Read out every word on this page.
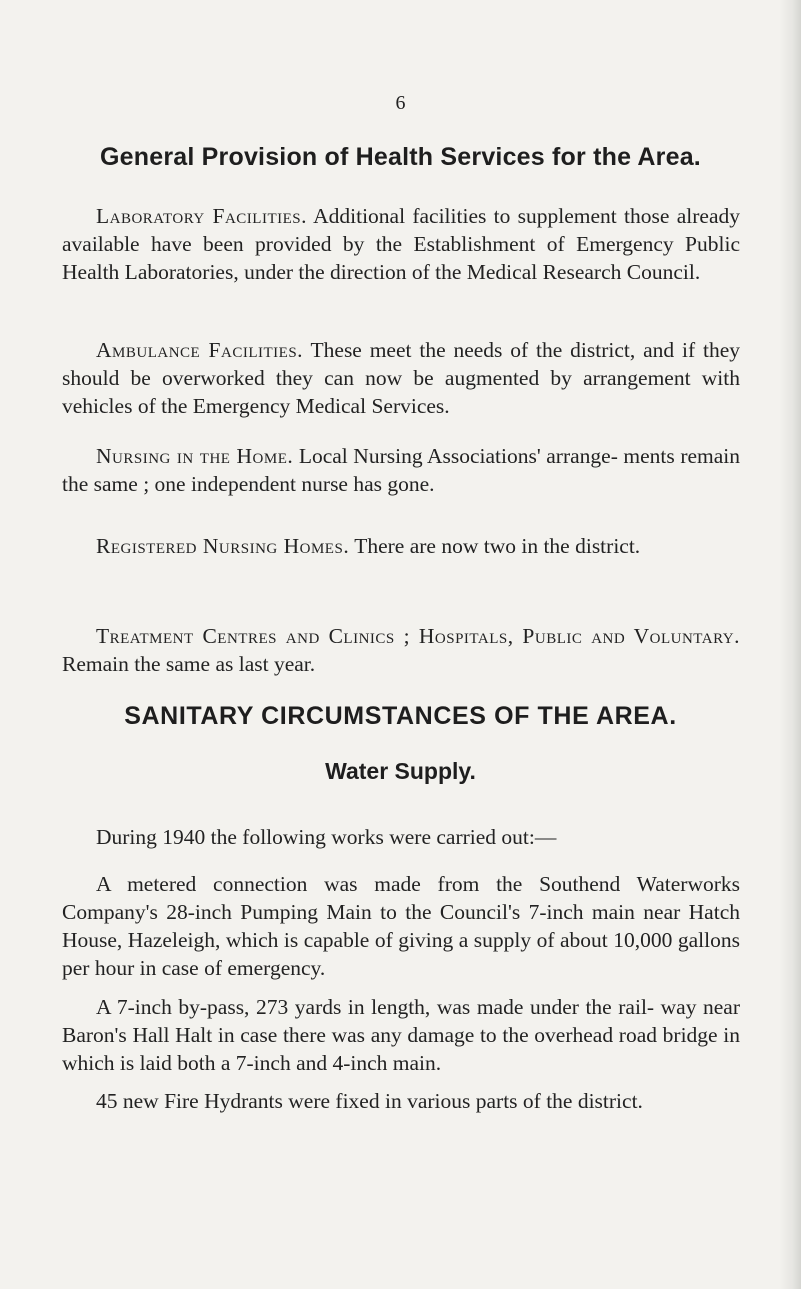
6
General Provision of Health Services for the Area.

Laboratory Facilities. Additional facilities to supplement those already available have been provided by the Establishment of Emergency Public Health Laboratories, under the direction of the Medical Research Council.

Ambulance Facilities. These meet the needs of the district, and if they should be overworked they can now be augmented by arrangement with vehicles of the Emergency Medical Services.

Nursing in the Home. Local Nursing Associations' arrange- ments remain the same ; one independent nurse has gone.

Registered Nursing Homes. There are now two in the district.

Treatment Centres and Clinics ; Hospitals, Public and Voluntary. Remain the same as last year.

SANITARY CIRCUMSTANCES OF THE AREA.
Water Supply.

During 1940 the following works were carried out:—

A metered connection was made from the Southend Waterworks Company's 28-inch Pumping Main to the Council's 7-inch main near Hatch House, Hazeleigh, which is capable of giving a supply of about 10,000 gallons per hour in case of emergency.

A 7-inch by-pass, 273 yards in length, was made under the rail- way near Baron's Hall Halt in case there was any damage to the overhead road bridge in which is laid both a 7-inch and 4-inch main.

45 new Fire Hydrants were fixed in various parts of the district.
